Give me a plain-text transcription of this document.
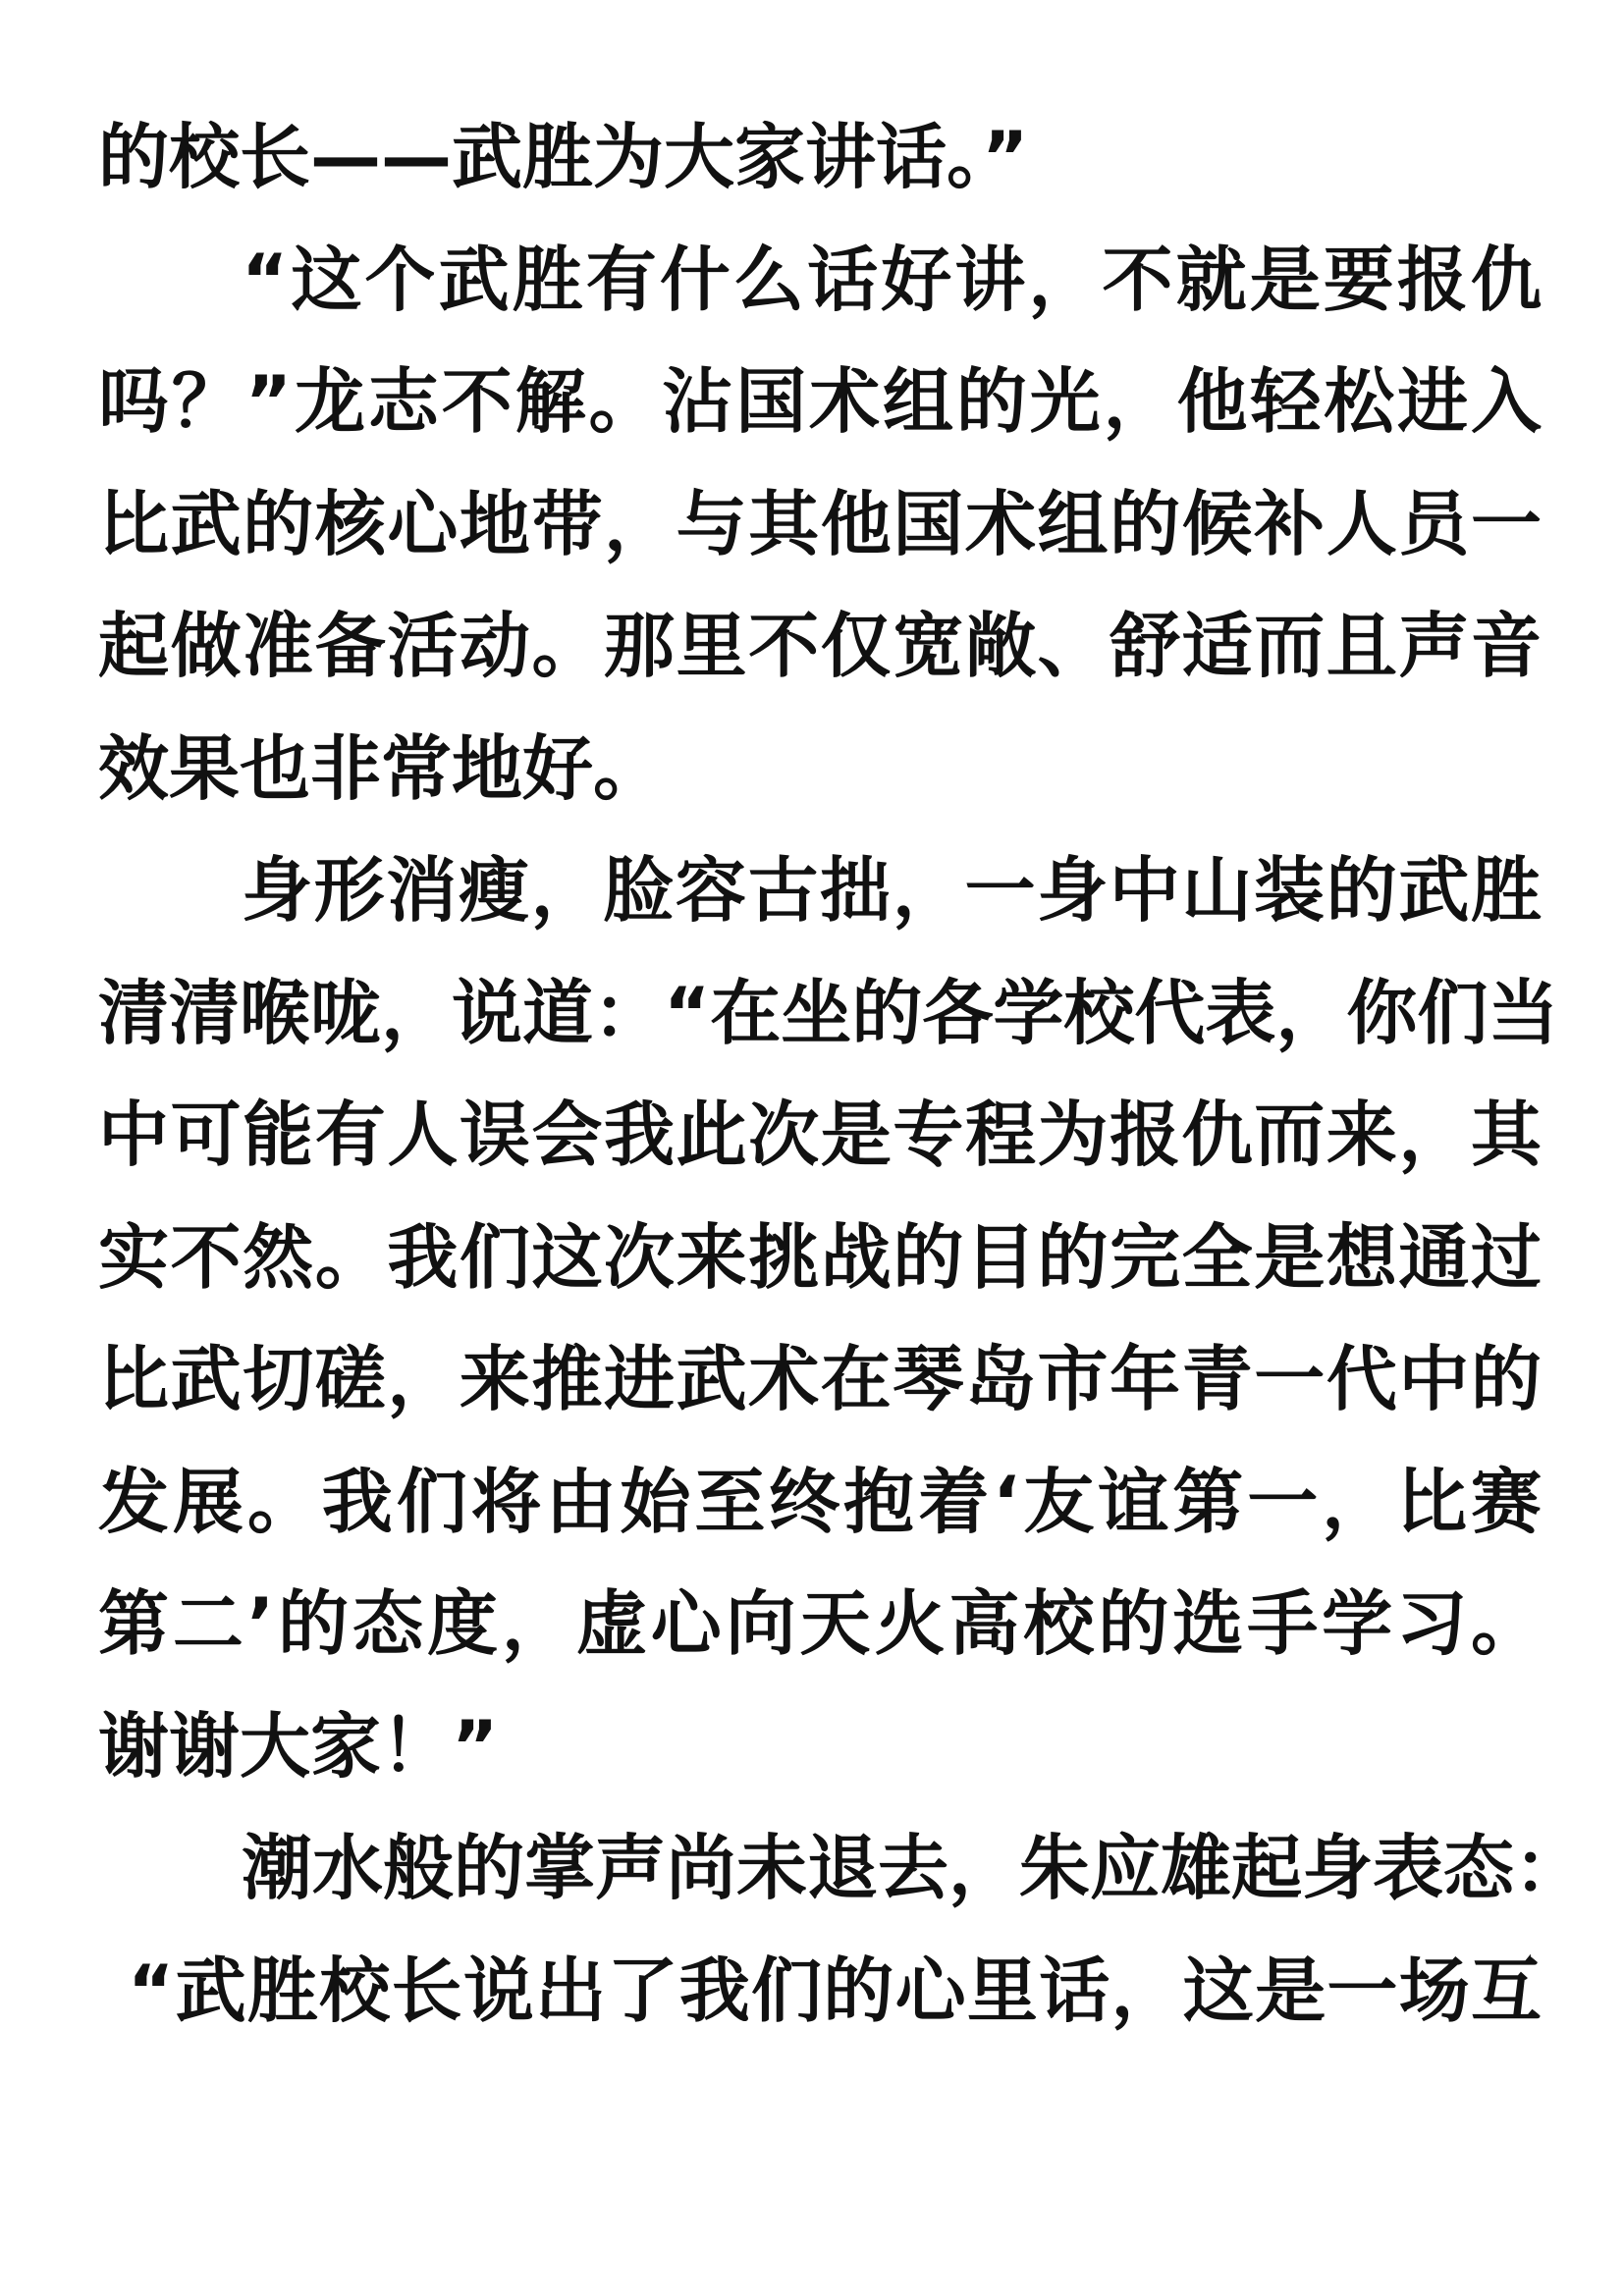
的校长——武胜为大家讲话。”
“这个武胜有什么话好讲，不就是要报仇
吗？”龙志不解。沾国术组的光，他轻松进入
比武的核心地带，与其他国术组的候补人员一
起做准备活动。那里不仅宽敞、舒适而且声音
效果也非常地好。
身形消瘦，脸容古拙，一身中山装的武胜
清清喉咙，说道：“在坐的各学校代表，你们当
中可能有人误会我此次是专程为报仇而来，其
实不然。我们这次来挑战的目的完全是想通过
比武切磋，来推进武术在琴岛市年青一代中的
发展。我们将由始至终抱着‘友谊第一，比赛
第二’的态度，虚心向天火高校的选手学习。
谢谢大家！”
潮水般的掌声尚未退去，朱应雄起身表态：
“武胜校长说出了我们的心里话，这是一场互
